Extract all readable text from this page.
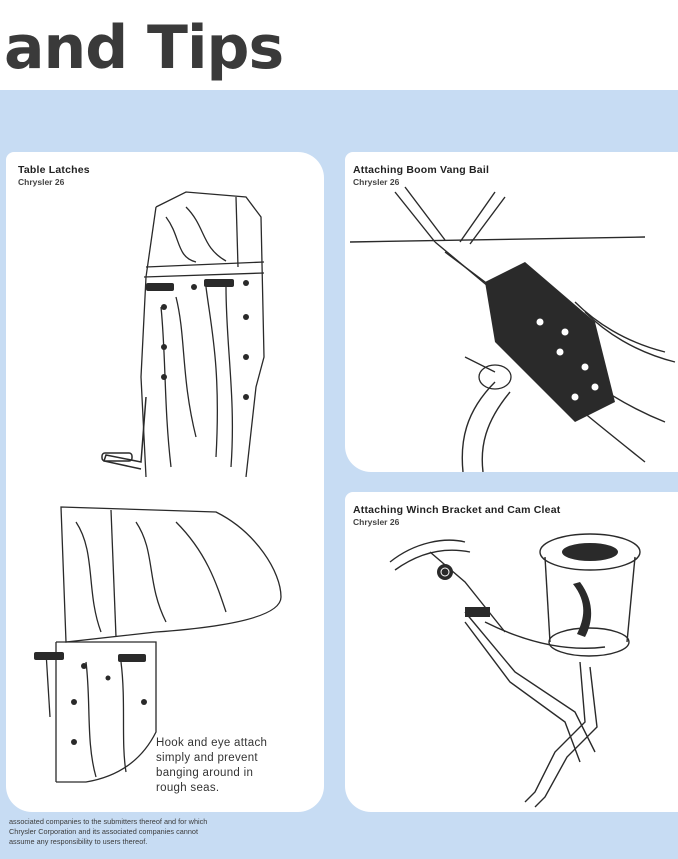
and Tips

Table Latches

Chrysler 26

Hook and eye attach
simply and prevent
banging around in
rough seas.

Attaching Boom Vang Bail

Chrysler 26

Attaching Winch Bracket and Cam Cleat

Chrysler 26

associated companies to the submitters thereof and for which
Chrysler Corporation and its associated companies cannot
assume any responsibility to users thereof.
